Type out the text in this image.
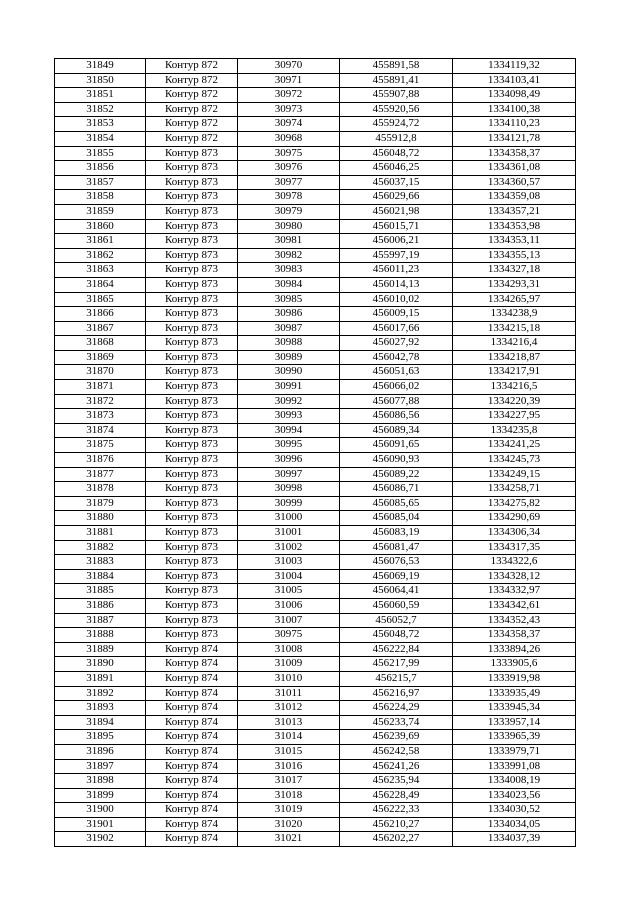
31849	Контур 872	30970	455891,58	1334119,32
31850	Контур 872	30971	455891,41	1334103,41
31851	Контур 872	30972	455907,88	1334098,49
31852	Контур 872	30973	455920,56	1334100,38
31853	Контур 872	30974	455924,72	1334110,23
31854	Контур 872	30968	455912,8	1334121,78
31855	Контур 873	30975	456048,72	1334358,37
31856	Контур 873	30976	456046,25	1334361,08
31857	Контур 873	30977	456037,15	1334360,57
31858	Контур 873	30978	456029,66	1334359,08
31859	Контур 873	30979	456021,98	1334357,21
31860	Контур 873	30980	456015,71	1334353,98
31861	Контур 873	30981	456006,21	1334353,11
31862	Контур 873	30982	455997,19	1334355,13
31863	Контур 873	30983	456011,23	1334327,18
31864	Контур 873	30984	456014,13	1334293,31
31865	Контур 873	30985	456010,02	1334265,97
31866	Контур 873	30986	456009,15	1334238,9
31867	Контур 873	30987	456017,66	1334215,18
31868	Контур 873	30988	456027,92	1334216,4
31869	Контур 873	30989	456042,78	1334218,87
31870	Контур 873	30990	456051,63	1334217,91
31871	Контур 873	30991	456066,02	1334216,5
31872	Контур 873	30992	456077,88	1334220,39
31873	Контур 873	30993	456086,56	1334227,95
31874	Контур 873	30994	456089,34	1334235,8
31875	Контур 873	30995	456091,65	1334241,25
31876	Контур 873	30996	456090,93	1334245,73
31877	Контур 873	30997	456089,22	1334249,15
31878	Контур 873	30998	456086,71	1334258,71
31879	Контур 873	30999	456085,65	1334275,82
31880	Контур 873	31000	456085,04	1334290,69
31881	Контур 873	31001	456083,19	1334306,34
31882	Контур 873	31002	456081,47	1334317,35
31883	Контур 873	31003	456076,53	1334322,6
31884	Контур 873	31004	456069,19	1334328,12
31885	Контур 873	31005	456064,41	1334332,97
31886	Контур 873	31006	456060,59	1334342,61
31887	Контур 873	31007	456052,7	1334352,43
31888	Контур 873	30975	456048,72	1334358,37
31889	Контур 874	31008	456222,84	1333894,26
31890	Контур 874	31009	456217,99	1333905,6
31891	Контур 874	31010	456215,7	1333919,98
31892	Контур 874	31011	456216,97	1333935,49
31893	Контур 874	31012	456224,29	1333945,34
31894	Контур 874	31013	456233,74	1333957,14
31895	Контур 874	31014	456239,69	1333965,39
31896	Контур 874	31015	456242,58	1333979,71
31897	Контур 874	31016	456241,26	1333991,08
31898	Контур 874	31017	456235,94	1334008,19
31899	Контур 874	31018	456228,49	1334023,56
31900	Контур 874	31019	456222,33	1334030,52
31901	Контур 874	31020	456210,27	1334034,05
31902	Контур 874	31021	456202,27	1334037,39
